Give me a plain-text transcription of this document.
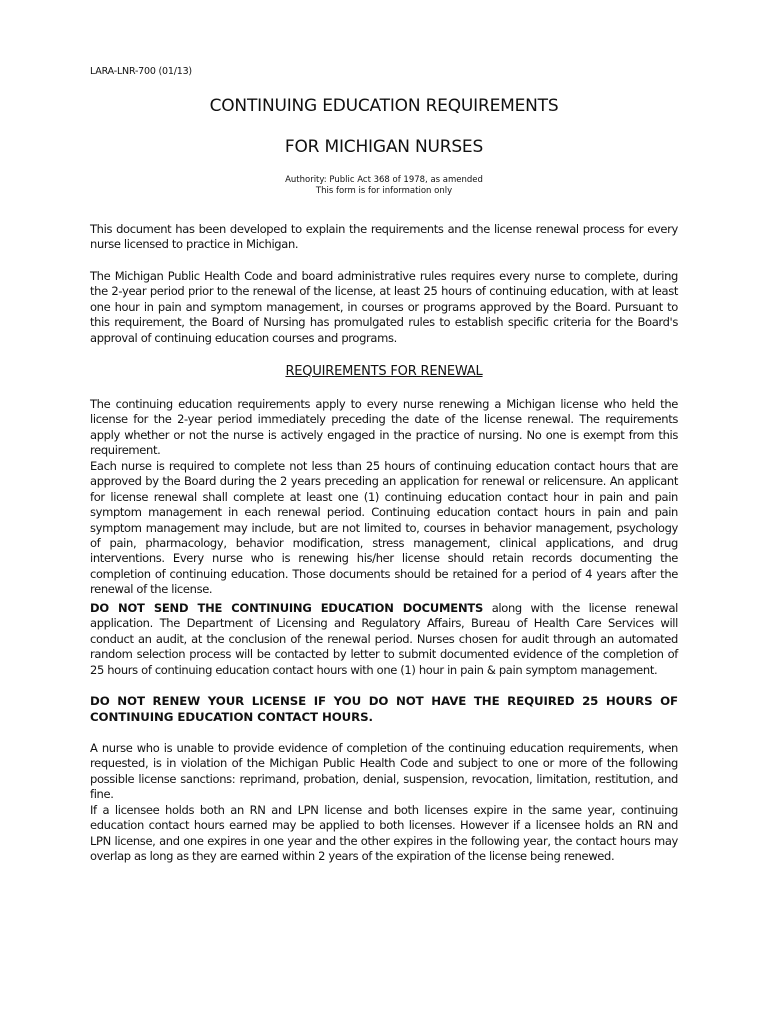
LARA-LNR-700 (01/13)
CONTINUING EDUCATION REQUIREMENTS
FOR MICHIGAN NURSES
Authority: Public Act 368 of 1978, as amended
This form is for information only

This document has been developed to explain the requirements and the license renewal process for every nurse licensed to practice in Michigan.

The Michigan Public Health Code and board administrative rules requires every nurse to complete, during the 2-year period prior to the renewal of the license, at least 25 hours of continuing education, with at least one hour in pain and symptom management, in courses or programs approved by the Board. Pursuant to this requirement, the Board of Nursing has promulgated rules to establish specific criteria for the Board's approval of continuing education courses and programs.

REQUIREMENTS FOR RENEWAL

The continuing education requirements apply to every nurse renewing a Michigan license who held the license for the 2-year period immediately preceding the date of the license renewal. The requirements apply whether or not the nurse is actively engaged in the practice of nursing. No one is exempt from this requirement.

Each nurse is required to complete not less than 25 hours of continuing education contact hours that are approved by the Board during the 2 years preceding an application for renewal or relicensure. An applicant for license renewal shall complete at least one (1) continuing education contact hour in pain and pain symptom management in each renewal period. Continuing education contact hours in pain and pain symptom management may include, but are not limited to, courses in behavior management, psychology of pain, pharmacology, behavior modification, stress management, clinical applications, and drug interventions. Every nurse who is renewing his/her license should retain records documenting the completion of continuing education. Those documents should be retained for a period of 4 years after the renewal of the license.

DO NOT SEND THE CONTINUING EDUCATION DOCUMENTS along with the license renewal application. The Department of Licensing and Regulatory Affairs, Bureau of Health Care Services will conduct an audit, at the conclusion of the renewal period. Nurses chosen for audit through an automated random selection process will be contacted by letter to submit documented evidence of the completion of 25 hours of continuing education contact hours with one (1) hour in pain & pain symptom management.

DO NOT RENEW YOUR LICENSE IF YOU DO NOT HAVE THE REQUIRED 25 HOURS OF CONTINUING EDUCATION CONTACT HOURS.

A nurse who is unable to provide evidence of completion of the continuing education requirements, when requested, is in violation of the Michigan Public Health Code and subject to one or more of the following possible license sanctions: reprimand, probation, denial, suspension, revocation, limitation, restitution, and fine.

If a licensee holds both an RN and LPN license and both licenses expire in the same year, continuing education contact hours earned may be applied to both licenses. However if a licensee holds an RN and LPN license, and one expires in one year and the other expires in the following year, the contact hours may overlap as long as they are earned within 2 years of the expiration of the license being renewed.
